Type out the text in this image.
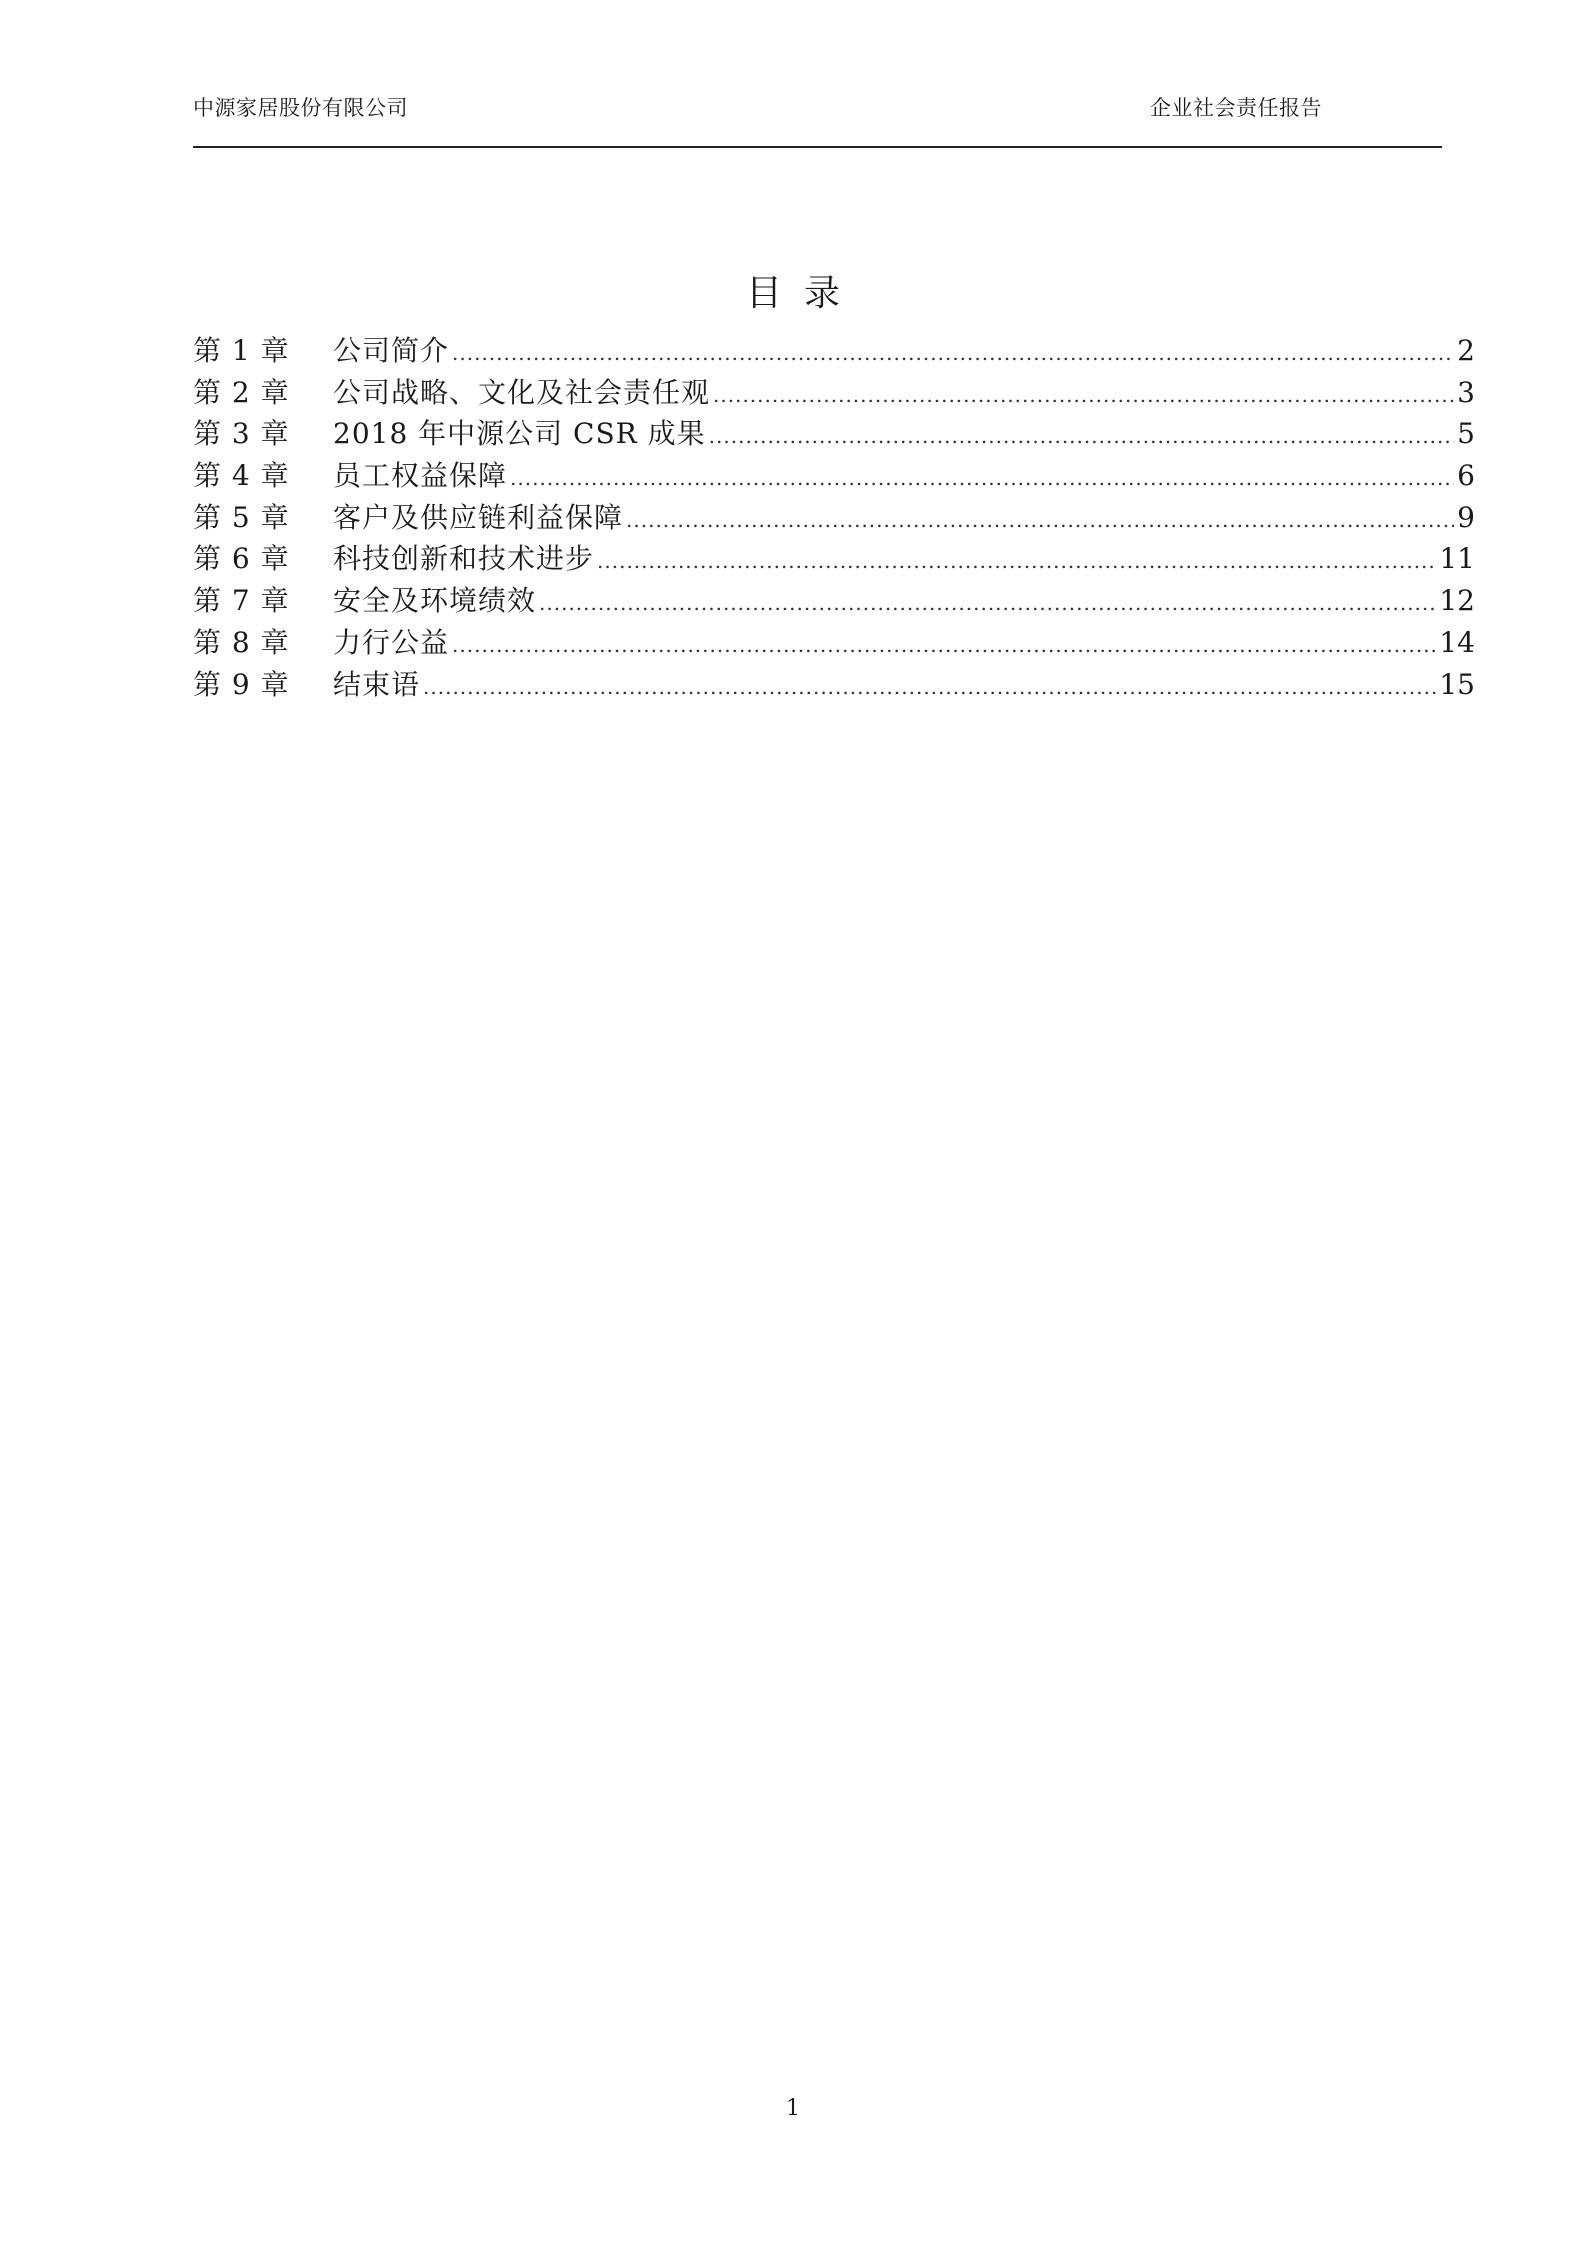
中源家居股份有限公司	企业社会责任报告
目录
第 1 章	公司简介 .....	2
第 2 章	公司战略、文化及社会责任观 .....	3
第 3 章	2018 年中源公司 CSR 成果 .....	5
第 4 章	员工权益保障 .....	6
第 5 章	客户及供应链利益保障 .....	9
第 6 章	科技创新和技术进步 .....	11
第 7 章	安全及环境绩效 .....	12
第 8 章	力行公益 .....	14
第 9 章	结束语 .....	15
1
